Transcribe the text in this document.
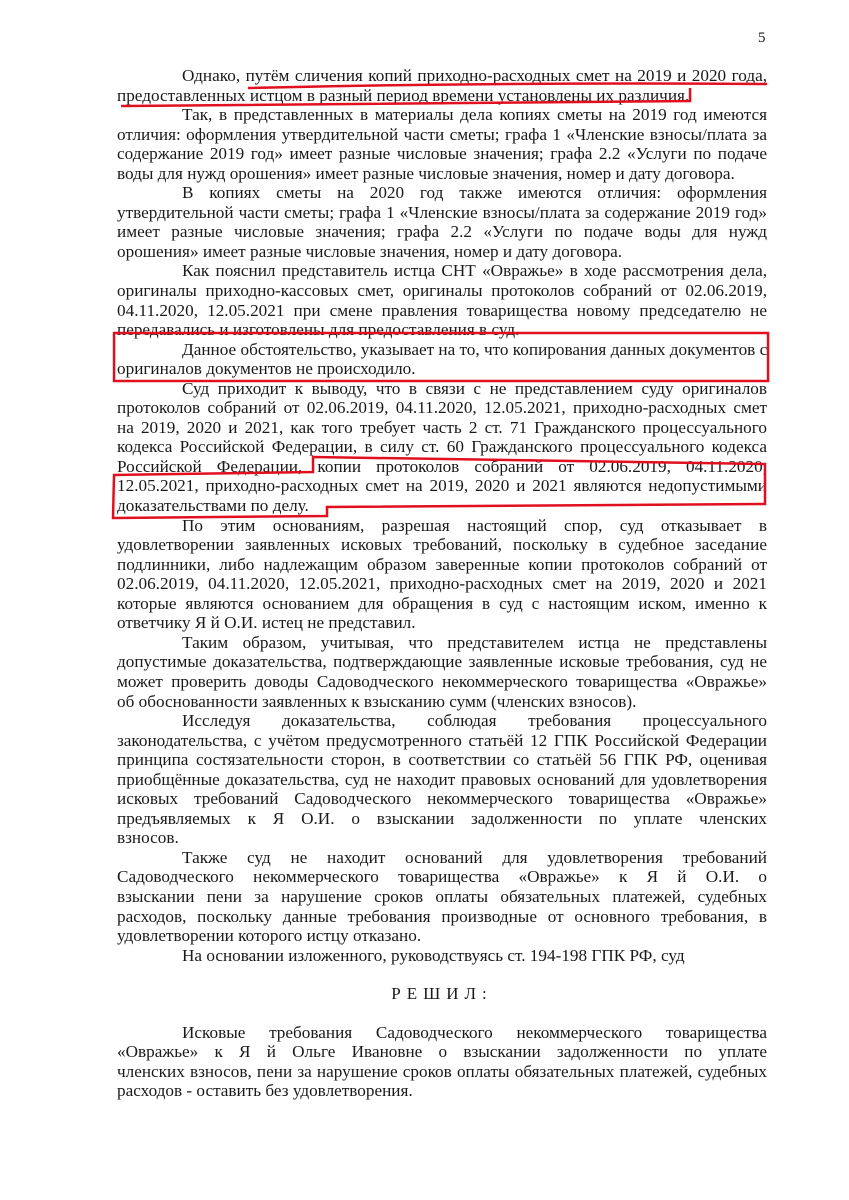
5
Однако, путём сличения копий приходно-расходных смет на 2019 и 2020 года,
предоставленных истцом в разный период времени установлены их различия.
Так, в представленных в материалы дела копиях сметы на 2019 год имеются
отличия: оформления утвердительной части сметы; графа 1 «Членские взносы/плата за
содержание 2019 год» имеет разные числовые значения; графа 2.2 «Услуги по подаче
воды для нужд орошения» имеет разные числовые значения, номер и дату договора.
В копиях сметы на 2020 год также имеются отличия: оформления
утвердительной части сметы; графа 1 «Членские взносы/плата за содержание 2019 год»
имеет разные числовые значения; графа 2.2 «Услуги по подаче воды для нужд
орошения» имеет разные числовые значения, номер и дату договора.
Как пояснил представитель истца СНТ «Овражье» в ходе рассмотрения дела,
оригиналы приходно-кассовых смет, оригиналы протоколов собраний от 02.06.2019,
04.11.2020, 12.05.2021 при смене правления товарищества новому председателю не
передавались и изготовлены для предоставления в суд.
Данное обстоятельство, указывает на то, что копирования данных документов с
оригиналов документов не происходило.
Суд приходит к выводу, что в связи с не представлением суду оригиналов
протоколов собраний от 02.06.2019, 04.11.2020, 12.05.2021, приходно-расходных смет
на 2019, 2020 и 2021, как того требует часть 2 ст. 71 Гражданского процессуального
кодекса Российской Федерации, в силу ст. 60 Гражданского процессуального кодекса
Российской Федерации, копии протоколов собраний от 02.06.2019, 04.11.2020,
12.05.2021, приходно-расходных смет на 2019, 2020 и 2021 являются недопустимыми
доказательствами по делу.
По этим основаниям, разрешая настоящий спор, суд отказывает в
удовлетворении заявленных исковых требований, поскольку в судебное заседание
подлинники, либо надлежащим образом заверенные копии протоколов собраний от
02.06.2019, 04.11.2020, 12.05.2021, приходно-расходных смет на 2019, 2020 и 2021
которые являются основанием для обращения в суд с настоящим иском, именно к
ответчику Я й О.И. истец не представил.
Таким образом, учитывая, что представителем истца не представлены
допустимые доказательства, подтверждающие заявленные исковые требования, суд не
может проверить доводы Садоводческого некоммерческого товарищества «Овражье»
об обоснованности заявленных к взысканию сумм (членских взносов).
Исследуя доказательства, соблюдая требования процессуального
законодательства, с учётом предусмотренного статьёй 12 ГПК Российской Федерации
принципа состязательности сторон, в соответствии со статьёй 56 ГПК РФ, оценивая
приобщённые доказательства, суд не находит правовых оснований для удовлетворения
исковых требований Садоводческого некоммерческого товарищества «Овражье»
предъявляемых к Я О.И. о взыскании задолженности по уплате членских
взносов.
Также суд не находит оснований для удовлетворения требований
Садоводческого некоммерческого товарищества «Овражье» к Я й О.И. о
взыскании пени за нарушение сроков оплаты обязательных платежей, судебных
расходов, поскольку данные требования производные от основного требования, в
удовлетворении которого истцу отказано.
На основании изложенного, руководствуясь ст. 194-198 ГПК РФ, суд
РЕШИЛ:
Исковые требования Садоводческого некоммерческого товарищества
«Овражье» к Я й Ольге Ивановне о взыскании задолженности по уплате
членских взносов, пени за нарушение сроков оплаты обязательных платежей, судебных
расходов - оставить без удовлетворения.
